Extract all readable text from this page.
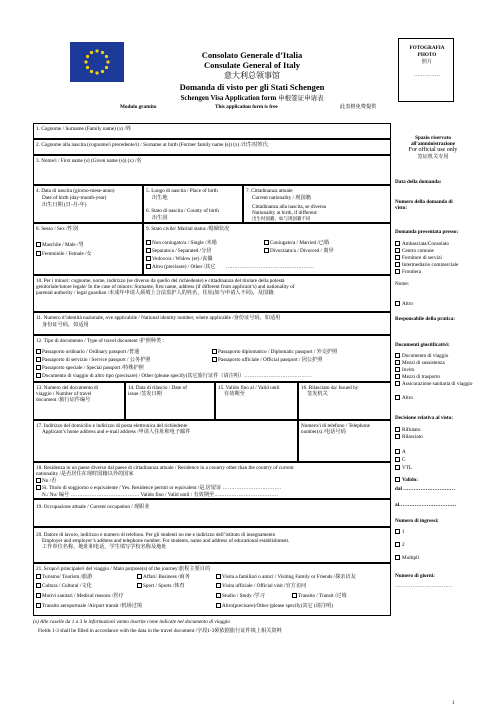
Consolato Generale d’Italia
Consulate General of Italy
意大利总领事馆
Domanda di visto per gli Stati Schengen
Schengen Visa Application form 申根签证申请表
Modulo gratuito	This application form is free	此表格免费提供
FOTOGRAFIA
PHOTO
照片
……………
1. Cognome / Surname (Family name) (x) /姓
2. Cognome alla nascita (cognome/i precedente/i) / Surname at birth (Former family name (s)) (x) /出生时姓氏
3. Nome/i / First name (s) (Given name (s)) (x) /名
4. Data di nascita (giorno-mese-anno)
Date of birth (day-month-year)
出生日期 (日-月-年)
5. Luogo di nascita / Place of birth
出生地
6. Stato di nascita / County of birth
出生国
7. Cittadinanza attuale
Current nationality / 现国籍
Cittadinanza alla nascita, se diversa
Nationality at birth, if different:
出生时国籍，如与现国籍不同
8. Sesso / Sex /性别
Maschile / Male /男
Femminile / Female /女
9. Stato civile/ Marital status /婚姻状况
Non coniugato/a / Single /未婚
Separato/a / Separated /分居
Vedovo/a / Widow (er) /丧偶
Altro (precisare) / Other /其它 ……………………………………………
Coniugato/a / Married /已婚
Divorziato/a / Divorced / 离异
10. Per i minori: cognome, nome, indirizzo (se diverso da quello del richiedente) e cittadinanza del titolare della potestà
genitoriale/tutore legale/ In the case of minors: Surname, first name, address (if different from applicant’s) and nationality of
parental authority / legal guardian /未成年申请人须填上合法监护人的姓名，住址(如与申请人不同)，及国籍:
11. Numero d’identità nazionale, ove applicabile / National identity number, where applicable /身份证号码，如适用
身份证号码，如适用
12. Tipo di documento / Type of travel document /护照种类 :
Passaporto ordinario / Ordinary passport /普通
Passaporto di servizio / Service passport / 公务护照
Passaporto speciale / Special passport /特殊护照
Documento di viaggio di altro tipo (precisare) / Other (please specify)其它旅行证件（请注明）…………………………………
Passaporto diplomatico / Diplomatic passport / 外交护照
Passaporto ufficiale / Official passport / 因公护照
13. Numero del documento di
viaggio / Number of travel
document /旅行证件编号
14. Data di rilascio / Date of
issue /签发日期
15. Valido fino al / Valid until
有效期至
16. Rilasciato da/ Issued by
签发机关
17. Indirizzo del domicilio e indirizzo di posta elettronica del richiedente
Applicant’s home address and e-mail address /申请人住址和电子邮件
Numero/i di telefono / Telephone
number(s) /电话号码
18. Residenza in un paese diverso dal paese di cittadinanza attuale / Residence in a country other than the country of current
nationality /是否居住在现时国籍以外的国家
No /否
Sì. Titolo di soggiorno o equivalente / Yes. Residence permit or equivalent /是,居留证 …………………………….
N./ No/ 编号 …………………………………. Valido fino / Valid until / 有效期至……………………………….
19. Occupazione attuale / Current occupation / 现职业
20. Datore di lavoro, indirizzo e numero di telefono. Per gli studenti no me e indirizzo dell’istituto di insegnamento
Employer and employer’s address and telephone number. For students, name and address of educational establishment.
工作单位名称，地址和电话，学生填写学校名称及地址
21. Scopo/i principale/i del viaggio / Main purpose(s) of the journey:旅程主要目的
Turismo/ Tourism /旅游	Affari/ Business /商务	Visita a familiari o amici / Visiting Family or Friends /探亲访友
Cultura / Cultural /文化	Sport / Sports /体育	Visita ufficiale / Official visit /官方访问
Motivi sanitari / Medical reasons /医疗	Studio / Study /学习	Transito / Transit /过境
Transito aeroportuale /Airport transit /机场过境	Altro(precisare)/Other (please specify)其它 (请注明)
(x) Alle caselle da 1 a 3 le informazioni vanno inserite come indicate nel documento di viaggio
Fields 1-3 shall be filled in accordance with the data in the travel document /字段1-3须依据旅行证件填上相关资料
Spazio riservato
all'amministrazione
For official use only
签证机关专用
Data della domanda:
Numero della domanda di
visto:
Domanda presentata presso:
Ambasciata/Consolato
Centro comune
Fornitore di servizi
Intermediario commerciale
Frontiera
Nome:
Altro
Responsabile della pratica:
Documenti giustificativi:
Documento di viaggio
Mezzi di sussistenza
Invito
Mezzi di trasporto
Assicurazione sanitaria di viaggio
Altro
Decisione relativa al visto:
Rifiutato
Rilasciato
A
C
VTL
Valido:
dal …………………………
al……………………………
Numero di ingressi:
1
2
Multipli
Numero di giorni:
……………………………
1
